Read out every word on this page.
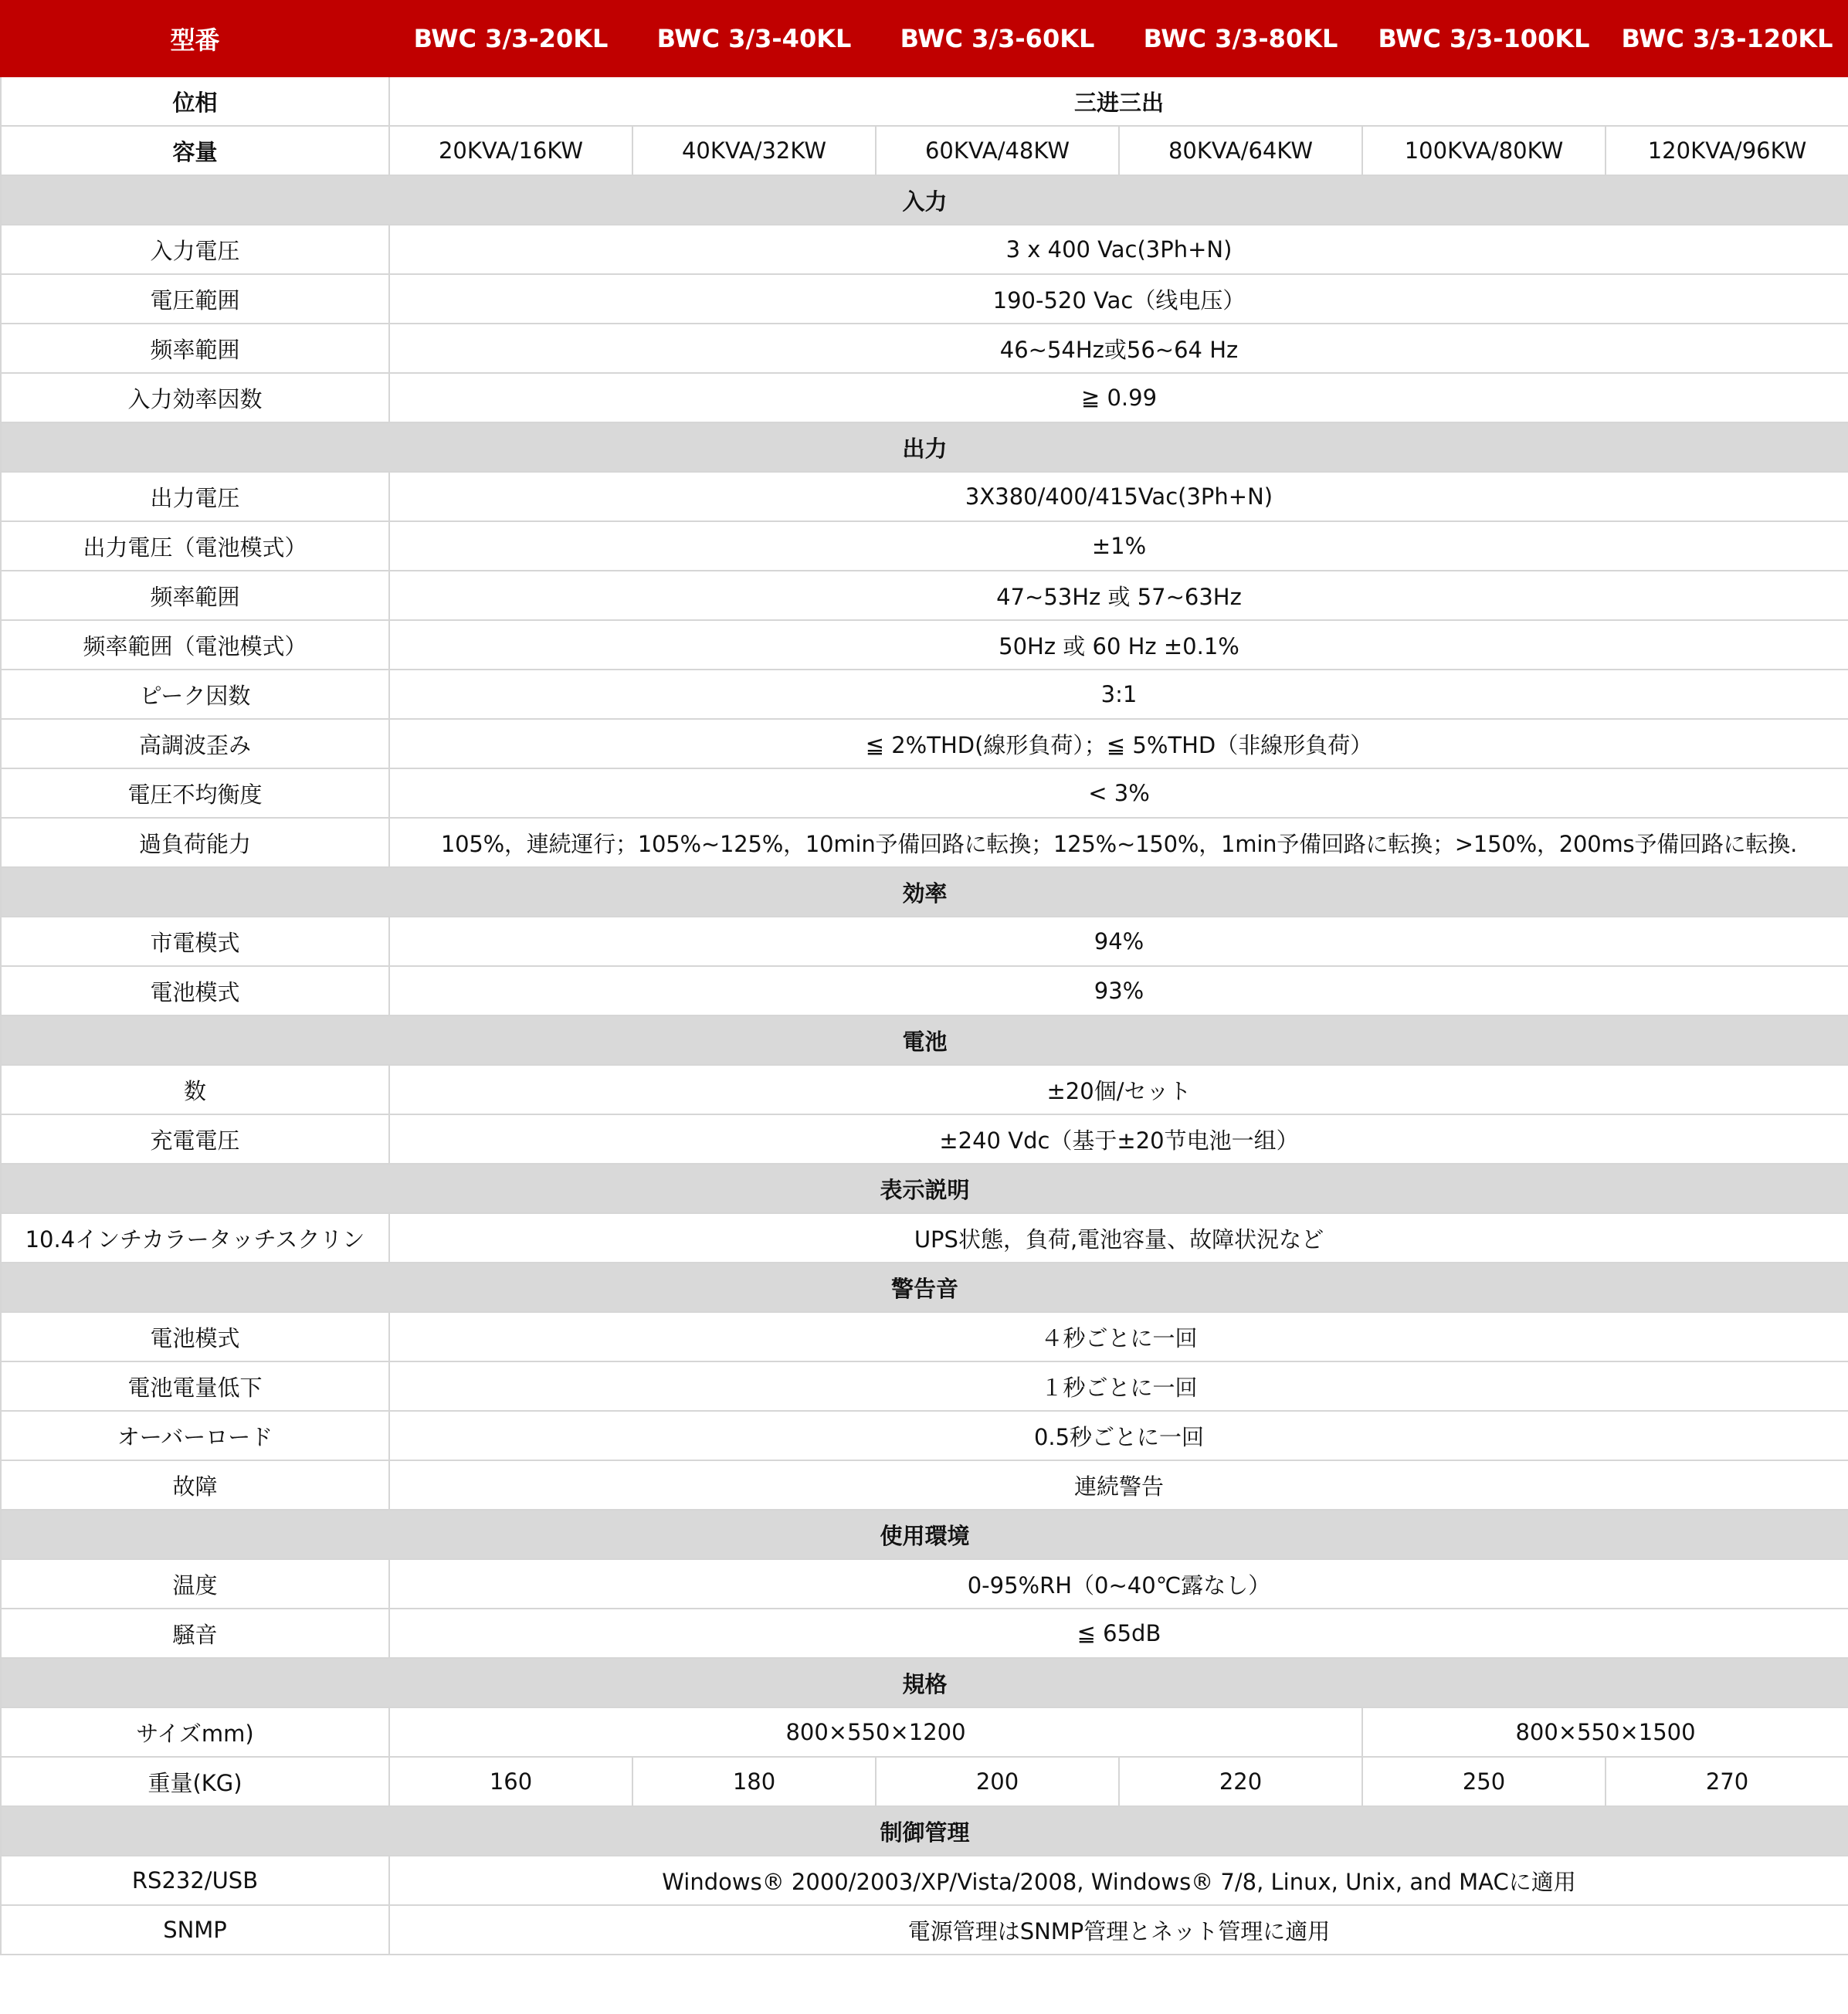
型番	BWC 3/3-20KL	BWC 3/3-40KL	BWC 3/3-60KL	BWC 3/3-80KL	BWC 3/3-100KL	BWC 3/3-120KL
位相	三进三出					
容量	20KVA/16KW	40KVA/32KW	60KVA/48KW	80KVA/64KW	100KVA/80KW	120KVA/96KW
入力						
入力電圧	3 x 400 Vac(3Ph+N)					
電圧範囲	190-520 Vac（线电压）					
频率範囲	46~54Hz或56~64 Hz					
入力効率因数	≧ 0.99					
出力						
出力電圧	3X380/400/415Vac(3Ph+N)					
出力電圧（電池模式）	±1%					
频率範囲	47~53Hz 或 57~63Hz					
频率範囲（電池模式）	50Hz 或 60 Hz ±0.1%					
ピーク因数	3:1					
高調波歪み	≦ 2%THD(線形負荷）；≦ 5%THD（非線形負荷）					
電圧不均衡度	< 3%					
過負荷能力	105%，連続運行；105%~125%，10min予備回路に転換；125%~150%，1min予備回路に転換；>150%，200ms予備回路に転換.					
効率						
市電模式	94%					
電池模式	93%					
電池						
数	±20個/セット					
充電電圧	±240 Vdc（基于±20节电池一组）					
表示説明						
10.4インチカラータッチスクリン	UPS状態，負荷,電池容量、故障状況など					
警告音						
電池模式	４秒ごとに一回					
電池電量低下	１秒ごとに一回					
オーバーロード	0.5秒ごとに一回					
故障	連続警告					
使用環境						
温度	0-95%RH（0~40℃露なし）					
騒音	≦ 65dB					
規格						
サイズmm)	800×550×1200				800×550×1500	
重量(KG)	160	180	200	220	250	270
制御管理						
RS232/USB	Windows® 2000/2003/XP/Vista/2008, Windows® 7/8, Linux, Unix, and MACに適用					
SNMP	電源管理はSNMP管理とネット管理に適用					
